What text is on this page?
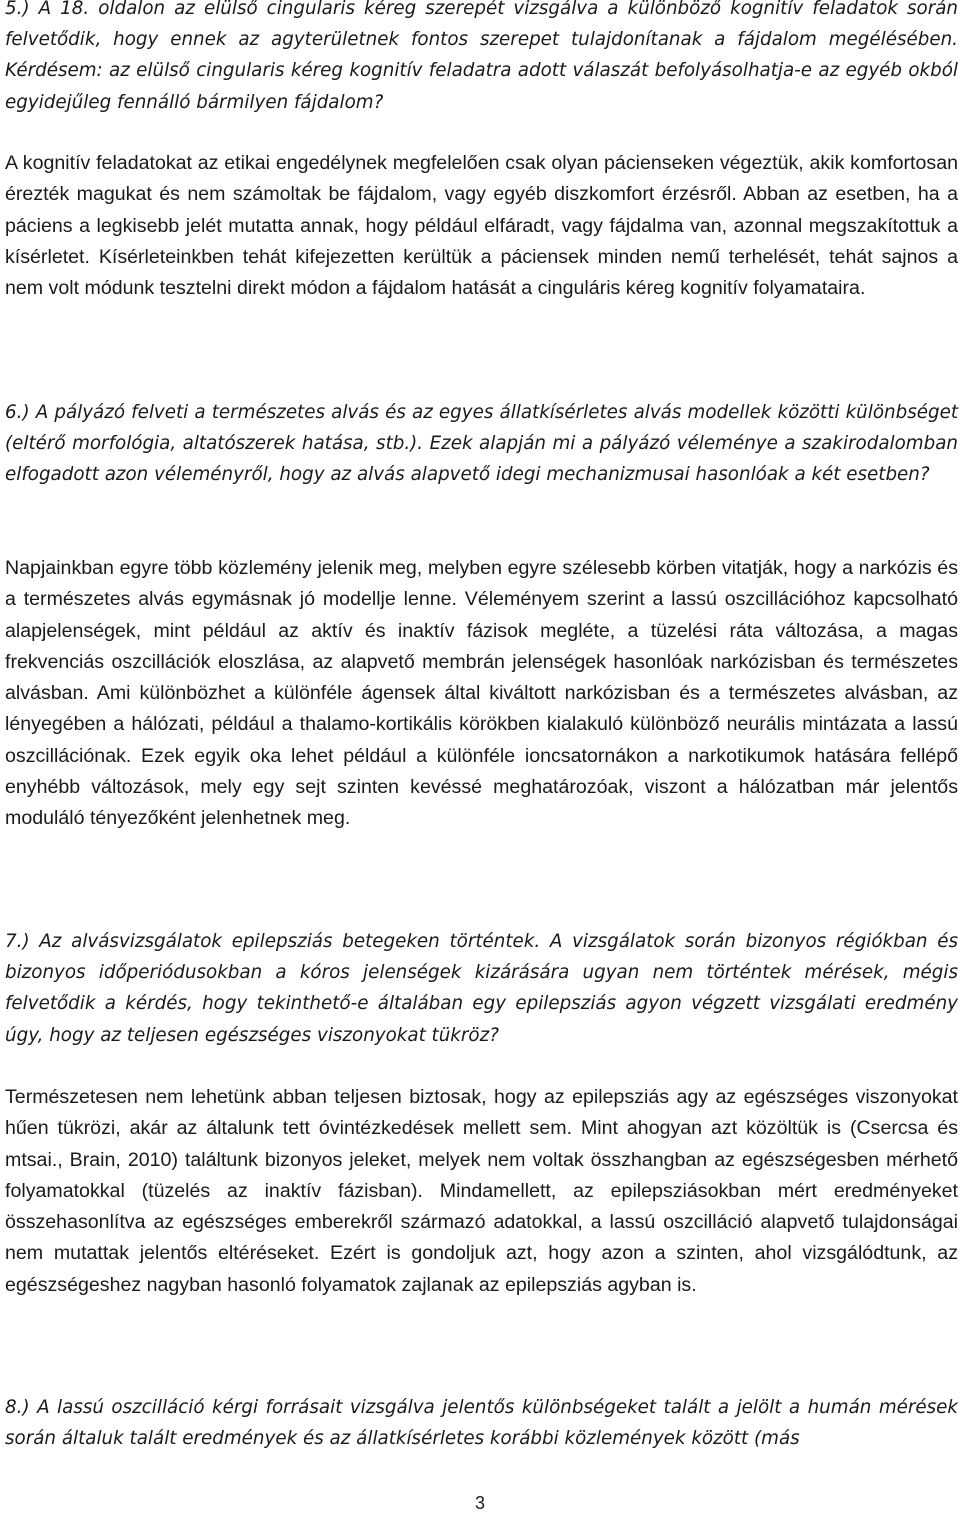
5.) A 18. oldalon az elülső cingularis kéreg szerepét vizsgálva a különböző kognitív feladatok során felvetődik, hogy ennek az agyterületnek fontos szerepet tulajdonítanak a fájdalom megélésében. Kérdésem: az elülső cingularis kéreg kognitív feladatra adott válaszát befolyásolhatja-e az egyéb okból egyidejűleg fennálló bármilyen fájdalom?

A kognitív feladatokat az etikai engedélynek megfelelően csak olyan pácienseken végeztük, akik komfortosan érezték magukat és nem számoltak be fájdalom, vagy egyéb diszkomfort érzésről. Abban az esetben, ha a páciens a legkisebb jelét mutatta annak, hogy például elfáradt, vagy fájdalma van, azonnal megszakítottuk a kísérletet. Kísérleteinkben tehát kifejezetten kerültük a páciensek minden nemű terhelését, tehát sajnos a nem volt módunk tesztelni direkt módon a fájdalom hatását a cinguláris kéreg kognitív folyamataira.

6.) A pályázó felveti a természetes alvás és az egyes állatkísérletes alvás modellek közötti különbséget (eltérő morfológia, altatószerek hatása, stb.). Ezek alapján mi a pályázó véleménye a szakirodalomban elfogadott azon véleményről, hogy az alvás alapvető idegi mechanizmusai hasonlóak a két esetben?

Napjainkban egyre több közlemény jelenik meg, melyben egyre szélesebb körben vitatják, hogy a narkózis és a természetes alvás egymásnak jó modellje lenne. Véleményem szerint a lassú oszcillációhoz kapcsolható alapjelenségek, mint például az aktív és inaktív fázisok megléte, a tüzelési ráta változása, a magas frekvenciás oszcillációk eloszlása, az alapvető membrán jelenségek hasonlóak narkózisban és természetes alvásban. Ami különbözhet a különféle ágensek által kiváltott narkózisban és a természetes alvásban, az lényegében a hálózati, például a thalamo-kortikális körökben kialakuló különböző neurális mintázata a lassú oszcillációnak. Ezek egyik oka lehet például a különféle ioncsatornákon a narkotikumok hatására fellépő enyhébb változások, mely egy sejt szinten kevéssé meghatározóak, viszont a hálózatban már jelentős moduláló tényezőként jelenhetnek meg.

7.) Az alvásvizsgálatok epilepsziás betegeken történtek. A vizsgálatok során bizonyos régiókban és bizonyos időperiódusokban a kóros jelenségek kizárására ugyan nem történtek mérések, mégis felvetődik a kérdés, hogy tekinthető-e általában egy epilepsziás agyon végzett vizsgálati eredmény úgy, hogy az teljesen egészséges viszonyokat tükröz?

Természetesen nem lehetünk abban teljesen biztosak, hogy az epilepsziás agy az egészséges viszonyokat hűen tükrözi, akár az általunk tett óvintézkedések mellett sem. Mint ahogyan azt közöltük is (Csercsa és mtsai., Brain, 2010) találtunk bizonyos jeleket, melyek nem voltak összhangban az egészségesben mérhető folyamatokkal (tüzelés az inaktív fázisban). Mindamellett, az epilepsziásokban mért eredményeket összehasonlítva az egészséges emberekről származó adatokkal, a lassú oszcilláció alapvető tulajdonságai nem mutattak jelentős eltéréseket. Ezért is gondoljuk azt, hogy azon a szinten, ahol vizsgálódtunk, az egészségeshez nagyban hasonló folyamatok zajlanak az epilepsziás agyban is.

8.) A lassú oszcilláció kérgi forrásait vizsgálva jelentős különbségeket talált a jelölt a humán mérések során általuk talált eredmények és az állatkísérletes korábbi közlemények között (más

3
